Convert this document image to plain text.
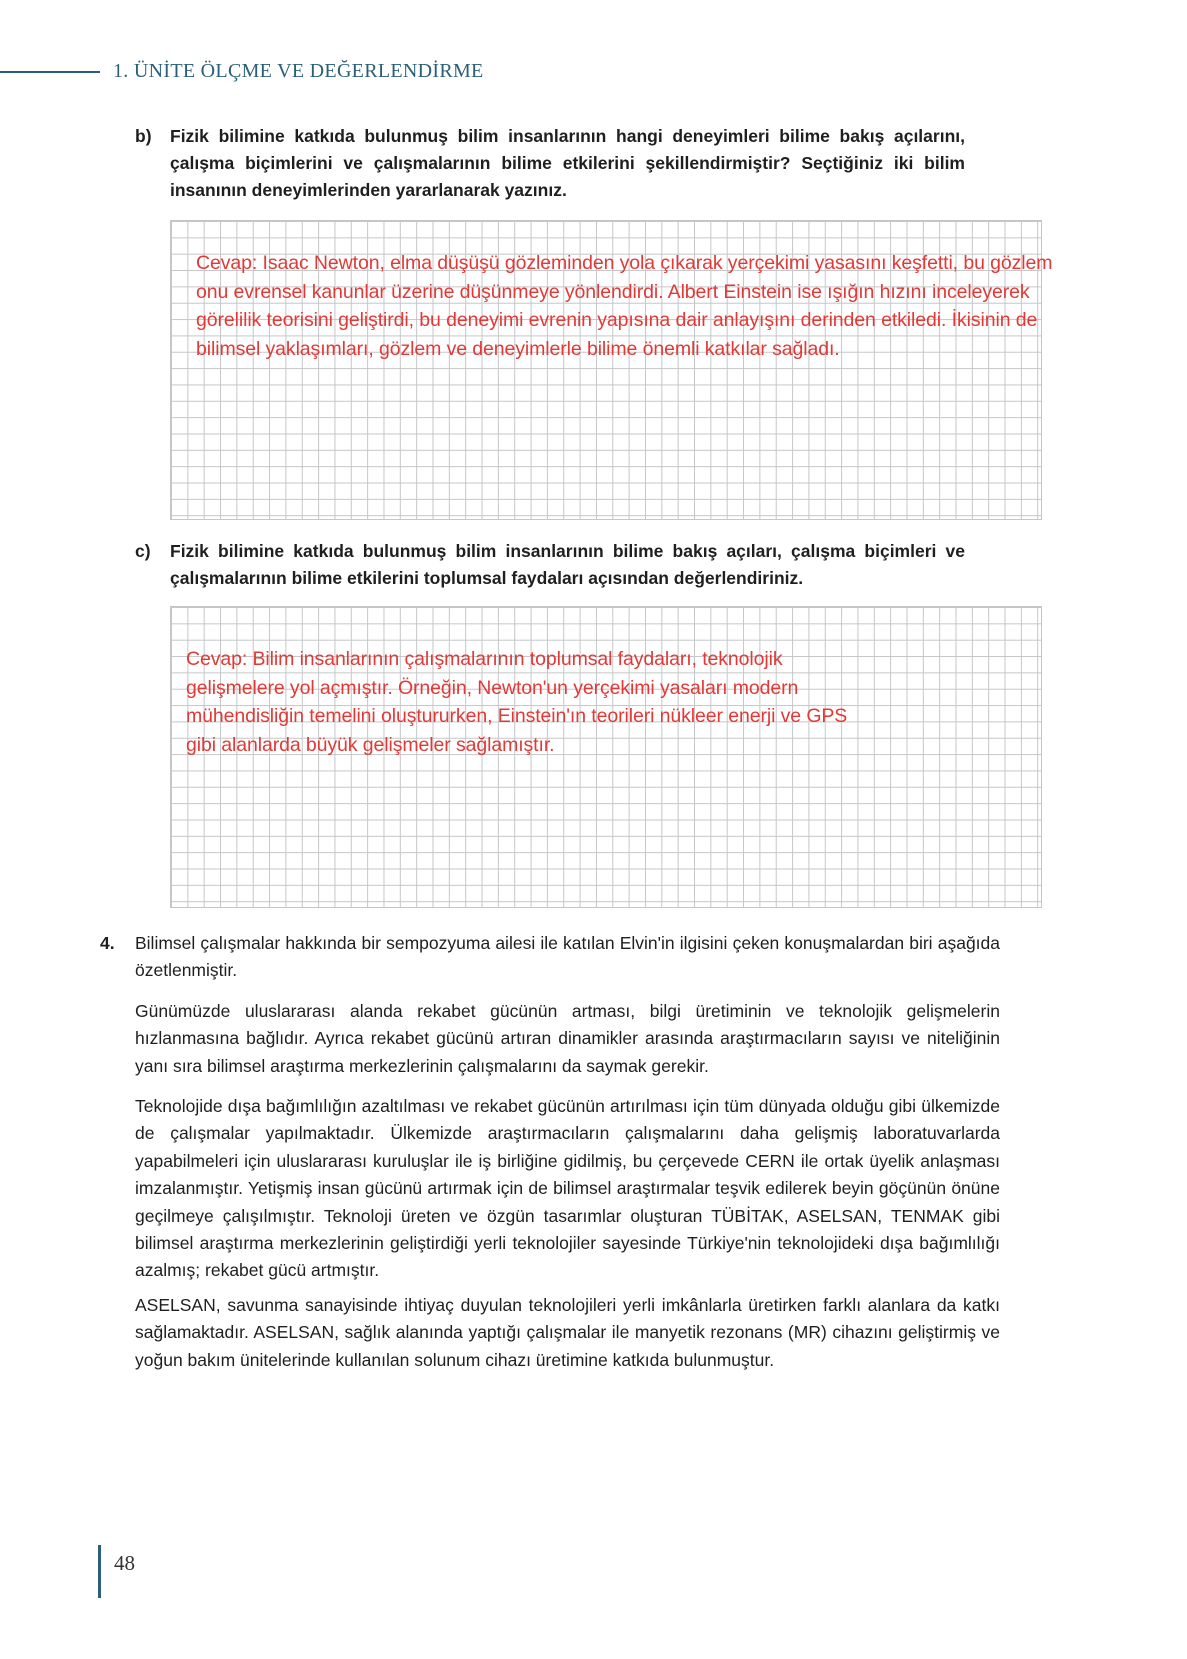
1. ÜNİTE ÖLÇME VE DEĞERLENDİRME
b) Fizik bilimine katkıda bulunmuş bilim insanlarının hangi deneyimleri bilime bakış açılarını, çalışma biçimlerini ve çalışmalarının bilime etkilerini şekillendirmiştir? Seçtiğiniz iki bilim insanının deneyimlerinden yararlanarak yazınız.
Cevap: Isaac Newton, elma düşüşü gözleminden yola çıkarak yerçekimi yasasını keşfetti, bu gözlem
onu evrensel kanunlar üzerine düşünmeye yönlendirdi. Albert Einstein ise ışığın hızını inceleyerek
görelilik teorisini geliştirdi, bu deneyimi evrenin yapısına dair anlayışını derinden etkiledi. İkisinin de
bilimsel yaklaşımları, gözlem ve deneyimlerle bilime önemli katkılar sağladı.
c) Fizik bilimine katkıda bulunmuş bilim insanlarının bilime bakış açıları, çalışma biçimleri ve çalışmalarının bilime etkilerini toplumsal faydaları açısından değerlendiriniz.
Cevap: Bilim insanlarının çalışmalarının toplumsal faydaları, teknolojik
gelişmelere yol açmıştır. Örneğin, Newton'un yerçekimi yasaları modern
mühendisliğin temelini oluştururken, Einstein'ın teorileri nükleer enerji ve GPS
gibi alanlarda büyük gelişmeler sağlamıştır.
4. Bilimsel çalışmalar hakkında bir sempozyuma ailesi ile katılan Elvin'in ilgisini çeken konuşmalardan biri aşağıda özetlenmiştir.
Günümüzde uluslararası alanda rekabet gücünün artması, bilgi üretiminin ve teknolojik gelişmelerin hızlanmasına bağlıdır. Ayrıca rekabet gücünü artıran dinamikler arasında araştırmacıların sayısı ve niteliğinin yanı sıra bilimsel araştırma merkezlerinin çalışmalarını da saymak gerekir.
Teknolojide dışa bağımlılığın azaltılması ve rekabet gücünün artırılması için tüm dünyada olduğu gibi ülkemizde de çalışmalar yapılmaktadır. Ülkemizde araştırmacıların çalışmalarını daha gelişmiş laboratuvarlarda yapabilmeleri için uluslararası kuruluşlar ile iş birliğine gidilmiş, bu çerçevede CERN ile ortak üyelik anlaşması imzalanmıştır. Yetişmiş insan gücünü artırmak için de bilimsel araştırmalar teşvik edilerek beyin göçünün önüne geçilmeye çalışılmıştır. Teknoloji üreten ve özgün tasarımlar oluşturan TÜBİTAK, ASELSAN, TENMAK gibi bilimsel araştırma merkezlerinin geliştirdiği yerli teknolojiler sayesinde Türkiye'nin teknolojideki dışa bağımlılığı azalmış; rekabet gücü artmıştır.
ASELSAN, savunma sanayisinde ihtiyaç duyulan teknolojileri yerli imkânlarla üretirken farklı alanlara da katkı sağlamaktadır. ASELSAN, sağlık alanında yaptığı çalışmalar ile manyetik rezonans (MR) cihazını geliştirmiş ve yoğun bakım ünitelerinde kullanılan solunum cihazı üretimine katkıda bulunmuştur.
48
